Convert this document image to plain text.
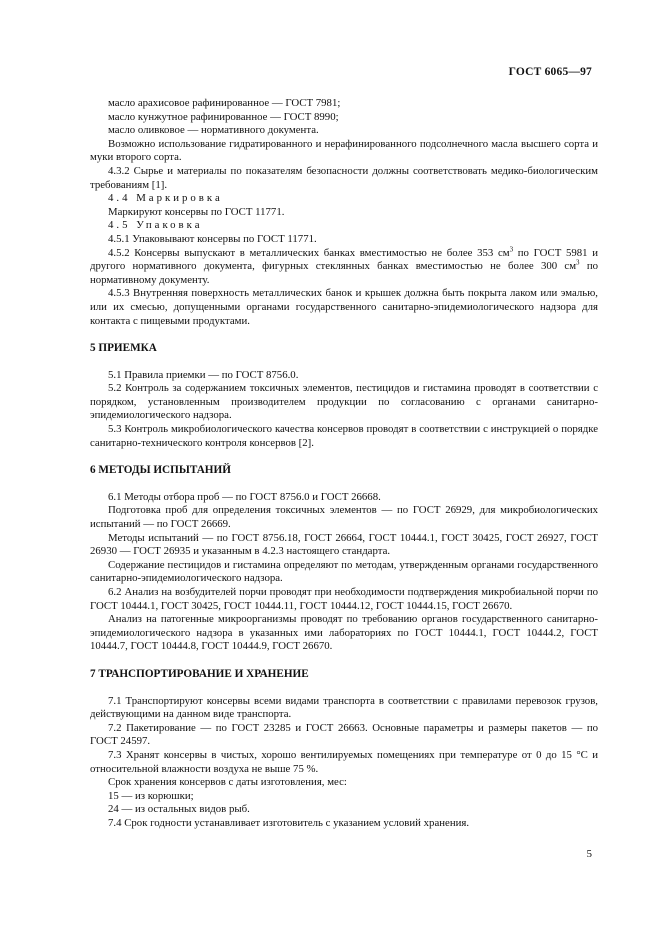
ГОСТ 6065—97

масло арахисовое рафинированное — ГОСТ 7981;

масло кунжутное рафинированное — ГОСТ 8990;

масло оливковое — нормативного документа.

Возможно использование гидратированного и нерафинированного подсолнечного масла высшего сорта и муки второго сорта.

4.3.2 Сырье и материалы по показателям безопасности должны соответствовать медико-биологическим требованиям [1].

4.4 Маркировка

Маркируют консервы по ГОСТ 11771.

4.5 Упаковка

4.5.1 Упаковывают консервы по ГОСТ 11771.

4.5.2 Консервы выпускают в металлических банках вместимостью не более 353 $см^3$ по ГОСТ 5981 и другого нормативного документа, фигурных стеклянных банках вместимостью не более 300 $см^3$ по нормативному документу.

4.5.3 Внутренняя поверхность металлических банок и крышек должна быть покрыта лаком или эмалью, или их смесью, допущенными органами государственного санитарно-эпидемиологического надзора для контакта с пищевыми продуктами.

5 ПРИЕМКА

5.1 Правила приемки — по ГОСТ 8756.0.

5.2 Контроль за содержанием токсичных элементов, пестицидов и гистамина проводят в соответствии с порядком, установленным производителем продукции по согласованию с органами санитарно-эпидемиологического надзора.

5.3 Контроль микробиологического качества консервов проводят в соответствии с инструкцией о порядке санитарно-технического контроля консервов [2].

6 МЕТОДЫ ИСПЫТАНИЙ

6.1 Методы отбора проб — по ГОСТ 8756.0 и ГОСТ 26668.

Подготовка проб для определения токсичных элементов — по ГОСТ 26929, для микробиологических испытаний — по ГОСТ 26669.

Методы испытаний — по ГОСТ 8756.18, ГОСТ 26664, ГОСТ 10444.1, ГОСТ 30425, ГОСТ 26927, ГОСТ 26930 — ГОСТ 26935 и указанным в 4.2.3 настоящего стандарта.

Содержание пестицидов и гистамина определяют по методам, утвержденным органами государственного санитарно-эпидемиологического надзора.

6.2 Анализ на возбудителей порчи проводят при необходимости подтверждения микробиальной порчи по ГОСТ 10444.1, ГОСТ 30425, ГОСТ 10444.11, ГОСТ 10444.12, ГОСТ 10444.15, ГОСТ 26670.

Анализ на патогенные микроорганизмы проводят по требованию органов государственного санитарно-эпидемиологического надзора в указанных ими лабораториях по ГОСТ 10444.1, ГОСТ 10444.2, ГОСТ 10444.7, ГОСТ 10444.8, ГОСТ 10444.9, ГОСТ 26670.

7 ТРАНСПОРТИРОВАНИЕ И ХРАНЕНИЕ

7.1 Транспортируют консервы всеми видами транспорта в соответствии с правилами перевозок грузов, действующими на данном виде транспорта.

7.2 Пакетирование — по ГОСТ 23285 и ГОСТ 26663. Основные параметры и размеры пакетов — по ГОСТ 24597.

7.3 Хранят консервы в чистых, хорошо вентилируемых помещениях при температуре от 0 до 15 °С и относительной влажности воздуха не выше 75 %.

Срок хранения консервов с даты изготовления, мес:

15 — из корюшки;

24 — из остальных видов рыб.

7.4 Срок годности устанавливает изготовитель с указанием условий хранения.

5
